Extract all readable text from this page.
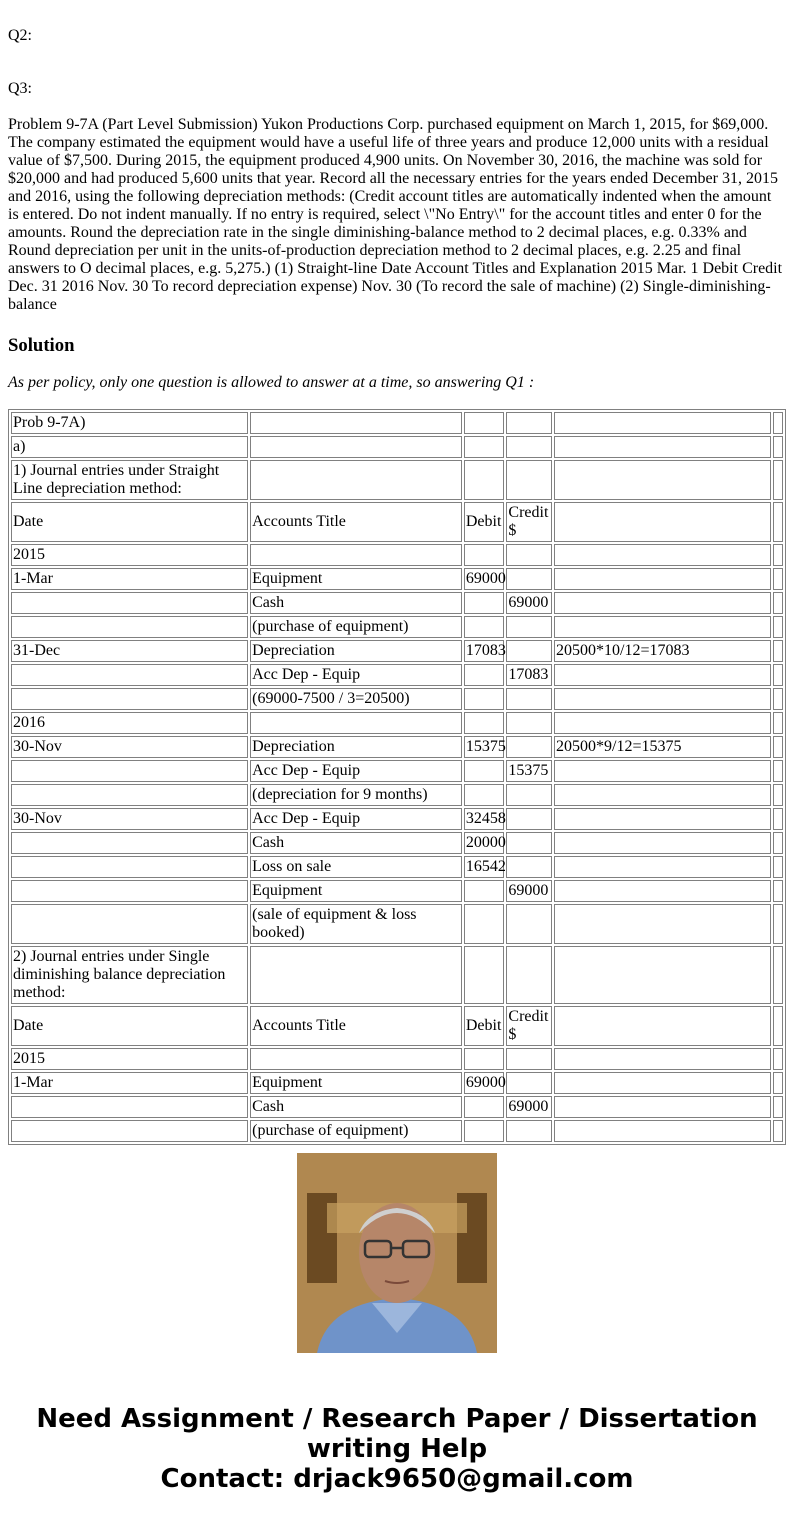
Q2:

Q3:

Problem 9-7A (Part Level Submission) Yukon Productions Corp. purchased equipment on March 1, 2015, for $69,000. The company estimated the equipment would have a useful life of three years and produce 12,000 units with a residual value of $7,500. During 2015, the equipment produced 4,900 units. On November 30, 2016, the machine was sold for $20,000 and had produced 5,600 units that year. Record all the necessary entries for the years ended December 31, 2015 and 2016, using the following depreciation methods: (Credit account titles are automatically indented when the amount is entered. Do not indent manually. If no entry is required, select \"No Entry\" for the account titles and enter 0 for the amounts. Round the depreciation rate in the single diminishing-balance method to 2 decimal places, e.g. 0.33% and Round depreciation per unit in the units-of-production depreciation method to 2 decimal places, e.g. 2.25 and final answers to O decimal places, e.g. 5,275.) (1) Straight-line Date Account Titles and Explanation 2015 Mar. 1 Debit Credit Dec. 31 2016 Nov. 30 To record depreciation expense) Nov. 30 (To record the sale of machine) (2) Single-diminishing-balance

Solution

As per policy, only one question is allowed to answer at a time, so answering Q1 :

Prob 9-7A)					
a)					
1) Journal entries under Straight Line depreciation method:					
Date	Accounts Title	Debit	Credit $		
2015					
1-Mar	Equipment	69000			
	Cash		69000		
	(purchase of equipment)				
31-Dec	Depreciation	17083		20500*10/12=17083	
	Acc Dep - Equip		17083		
	(69000-7500 / 3=20500)				
2016					
30-Nov	Depreciation	15375		20500*9/12=15375	
	Acc Dep - Equip		15375		
	(depreciation for 9 months)				
30-Nov	Acc Dep - Equip	32458			
	Cash	20000			
	Loss on sale	16542			
	Equipment		69000		
	(sale of equipment & loss booked)				
2) Journal entries under Single diminishing balance depreciation method:					
Date	Accounts Title	Debit	Credit $		
2015					
1-Mar	Equipment	69000			
	Cash		69000		
	(purchase of equipment)				
Need Assignment / Research Paper / Dissertation
writing Help
Contact: drjack9650@gmail.com
